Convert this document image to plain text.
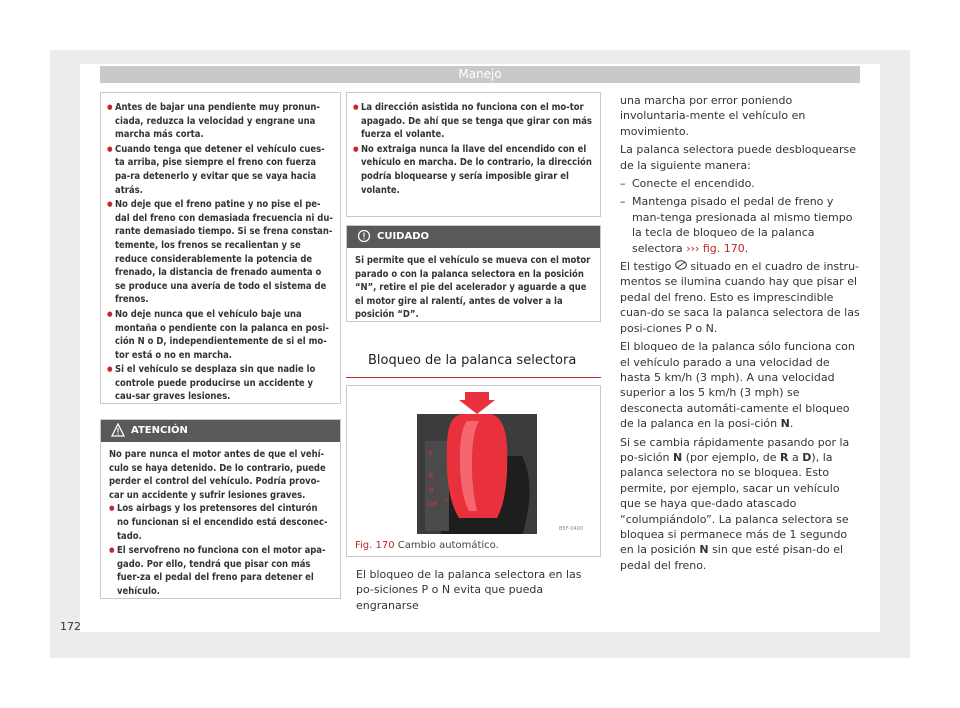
Manejo
● Antes de bajar una pendiente muy pronun-ciada, reduzca la velocidad y engrane una marcha más corta.
● Cuando tenga que detener el vehículo cues-ta arriba, pise siempre el freno con fuerza pa-ra detenerlo y evitar que se vaya hacia atrás.
● No deje que el freno patine y no pise el pe-dal del freno con demasiada frecuencia ni du-rante demasiado tiempo. Si se frena constan-temente, los frenos se recalientan y se reduce considerablemente la potencia de frenado, la distancia de frenado aumenta o se produce una avería de todo el sistema de frenos.
● No deje nunca que el vehículo baje una montaña o pendiente con la palanca en posi-ción N o D, independientemente de si el mo-tor está o no en marcha.
● Si el vehículo se desplaza sin que nadie lo controle puede producirse un accidente y cau-sar graves lesiones.
ATENCIÓN
No pare nunca el motor antes de que el vehí-culo se haya detenido. De lo contrario, puede perder el control del vehículo. Podría provo-car un accidente y sufrir lesiones graves.
● Los airbags y los pretensores del cinturón no funcionan si el encendido está desconec-tado.
● El servofreno no funciona con el motor apa-gado. Por ello, tendrá que pisar con más fuer-za el pedal del freno para detener el vehículo.
● La dirección asistida no funciona con el mo-tor apagado. De ahí que se tenga que girar con más fuerza el volante.
● No extraiga nunca la llave del encendido con el vehículo en marcha. De lo contrario, la dirección podría bloquearse y sería imposible girar el volante.
CUIDADO
Si permite que el vehículo se mueva con el motor parado o con la palanca selectora en la posición “N”, retire el pie del acelerador y aguarde a que el motor gire al ralentí, antes de volver a la posición “D”.
Bloqueo de la palanca selectora
P
R
N
D/S
+
–
B5F-0400
Fig. 170 Cambio automático.
El bloqueo de la palanca selectora en las po-siciones P o N evita que pueda engranarse

una marcha por error poniendo involuntaria-mente el vehículo en movimiento.

La palanca selectora puede desbloquearse de la siguiente manera:

– Conecte el encendido.

– Mantenga pisado el pedal de freno y man-tenga presionada al mismo tiempo la tecla de bloqueo de la palanca selectora ››› fig. 170.

El testigo situado en el cuadro de instru-mentos se ilumina cuando hay que pisar el pedal del freno. Esto es imprescindible cuan-do se saca la palanca selectora de las posi-ciones P o N.

El bloqueo de la palanca sólo funciona con el vehículo parado a una velocidad de hasta 5 km/h (3 mph). A una velocidad superior a los 5 km/h (3 mph) se desconecta automáti-camente el bloqueo de la palanca en la posi-ción N.

Si se cambia rápidamente pasando por la po-sición N (por ejemplo, de R a D), la palanca selectora no se bloquea. Esto permite, por ejemplo, sacar un vehículo que se haya que-dado atascado “columpiándolo”. La palanca selectora se bloquea si permanece más de 1 segundo en la posición N sin que esté pisan-do el pedal del freno.

172
